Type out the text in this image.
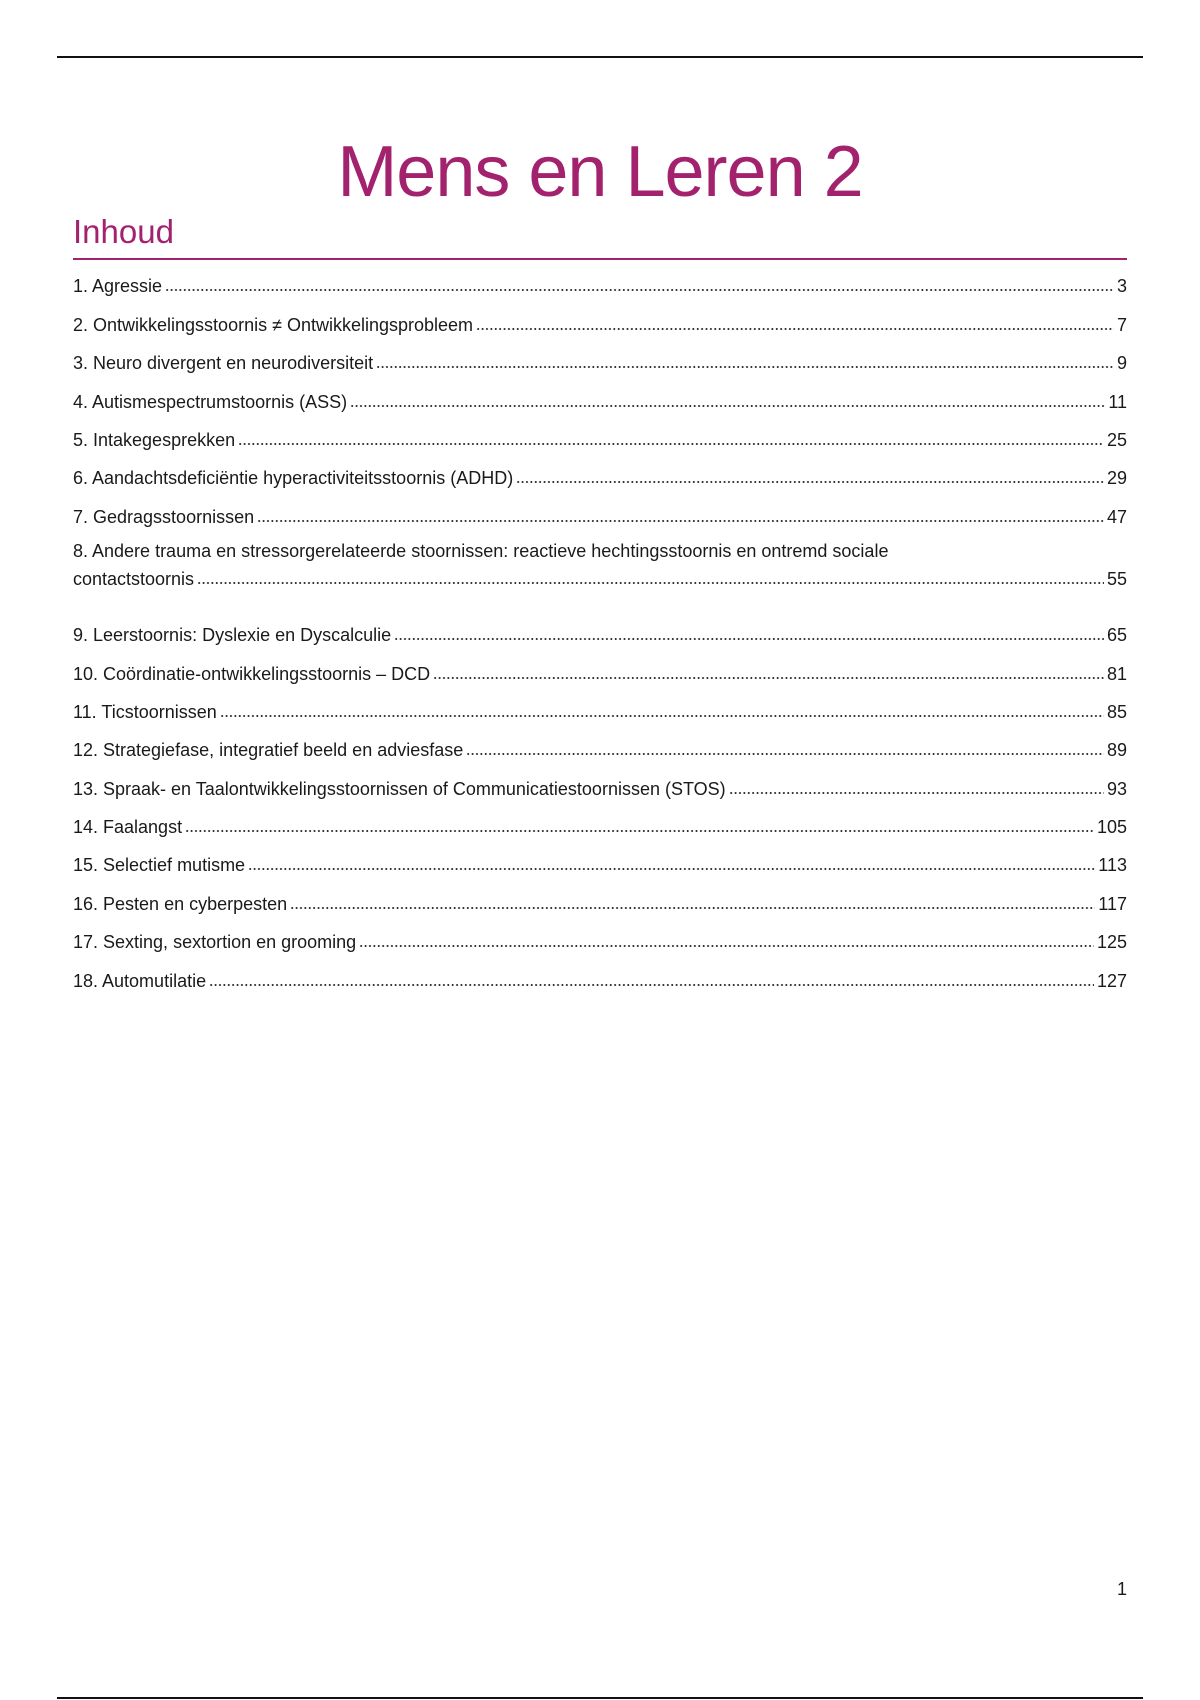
Mens en Leren 2
Inhoud
1. Agressie	3
2. Ontwikkelingsstoornis ≠ Ontwikkelingsprobleem	7
3. Neuro divergent en neurodiversiteit	9
4. Autismespectrumstoornis (ASS)	11
5. Intakegesprekken	25
6. Aandachtsdeficiëntie hyperactiviteitsstoornis (ADHD)	29
7. Gedragsstoornissen	47
8. Andere trauma en stressorgerelateerde stoornissen: reactieve hechtingsstoornis en ontremd sociale
contactstoornis	55
9. Leerstoornis: Dyslexie en Dyscalculie	65
10. Coördinatie-ontwikkelingsstoornis – DCD	81
11. Ticstoornissen	85
12. Strategiefase, integratief beeld en adviesfase	89
13. Spraak- en Taalontwikkelingsstoornissen of Communicatiestoornissen (STOS)	93
14. Faalangst	105
15. Selectief mutisme	113
16. Pesten en cyberpesten	117
17. Sexting, sextortion en grooming	125
18. Automutilatie	127
1
